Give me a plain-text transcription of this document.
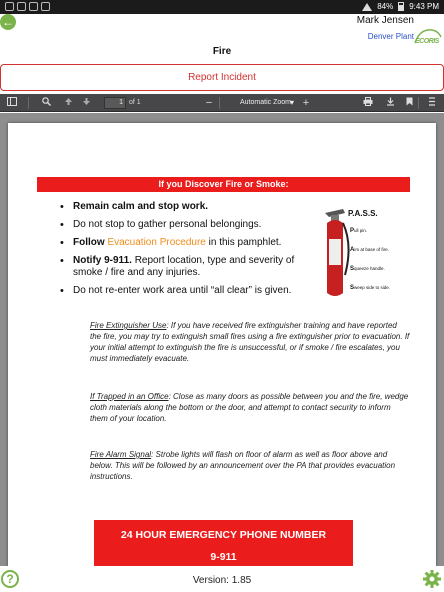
84% 9:43 PM
←	Mark Jensen
Denver Plant
ECORIS
Fire
Report Incident
1 of 1	−	Automatic Zoom ▾	+
If you Discover Fire or Smoke:
• Remain calm and stop work.
• Do not stop to gather personal belongings.
• Follow Evacuation Procedure in this pamphlet.
• Notify 9-911. Report location, type and severity of smoke / fire and any injuries.
• Do not re-enter work area until “all clear” is given.
P.A.S.S.
Pull pin.
Aim at base of fire.
Squeeze handle.
Sweep side to side.
Fire Extinguisher Use: If you have received fire extinguisher training and have reported the fire, you may try to extinguish small fires using a fire extinguisher prior to evacuation. If your initial attempt to extinguish the fire is unsuccessful, or if smoke / fire escalates, you must immediately evacuate.
If Trapped in an Office: Close as many doors as possible between you and the fire, wedge cloth materials along the bottom or the door, and attempt to contact security to inform them of your location.
Fire Alarm Signal: Strobe lights will flash on floor of alarm as well as floor above and below. This will be followed by an announcement over the PA that provides evacuation instructions.
24 HOUR EMERGENCY PHONE NUMBER
9-911
?	Version: 1.85
